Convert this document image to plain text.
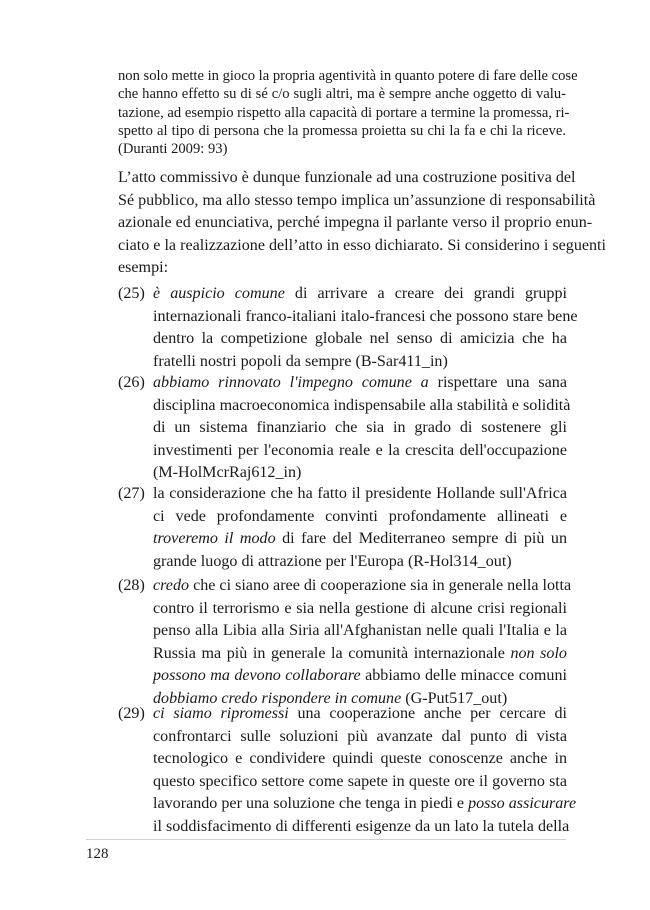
non solo mette in gioco la propria agentività in quanto potere di fare delle cose
che hanno effetto su di sé c/o sugli altri, ma è sempre anche oggetto di valu-
tazione, ad esempio rispetto alla capacità di portare a termine la promessa, ri-
spetto al tipo di persona che la promessa proietta su chi la fa e chi la riceve.
(Duranti 2009: 93)
L’atto commissivo è dunque funzionale ad una costruzione positiva del
Sé pubblico, ma allo stesso tempo implica un’assunzione di responsabilità
azionale ed enunciativa, perché impegna il parlante verso il proprio enun-
ciato e la realizzazione dell’atto in esso dichiarato. Si considerino i seguenti
esempi:
(25) è auspicio comune di arrivare a creare dei grandi gruppi
internazionali franco-italiani italo-francesi che possono stare bene
dentro la competizione globale nel senso di amicizia che ha
fratelli nostri popoli da sempre (B-Sar411_in)
(26) abbiamo rinnovato l'impegno comune a rispettare una sana
disciplina macroeconomica indispensabile alla stabilità e solidità
di un sistema finanziario che sia in grado di sostenere gli
investimenti per l'economia reale e la crescita dell'occupazione
(M-HolMcrRaj612_in)
(27) la considerazione che ha fatto il presidente Hollande sull'Africa
ci vede profondamente convinti profondamente allineati e
troveremo il modo di fare del Mediterraneo sempre di più un
grande luogo di attrazione per l'Europa (R-Hol314_out)
(28) credo che ci siano aree di cooperazione sia in generale nella lotta
contro il terrorismo e sia nella gestione di alcune crisi regionali
penso alla Libia alla Siria all'Afghanistan nelle quali l'Italia e la
Russia ma più in generale la comunità internazionale non solo
possono ma devono collaborare abbiamo delle minacce comuni
dobbiamo credo rispondere in comune (G-Put517_out)
(29) ci siamo ripromessi una cooperazione anche per cercare di
confrontarci sulle soluzioni più avanzate dal punto di vista
tecnologico e condividere quindi queste conoscenze anche in
questo specifico settore come sapete in queste ore il governo sta
lavorando per una soluzione che tenga in piedi e posso assicurare
il soddisfacimento di differenti esigenze da un lato la tutela della
128
